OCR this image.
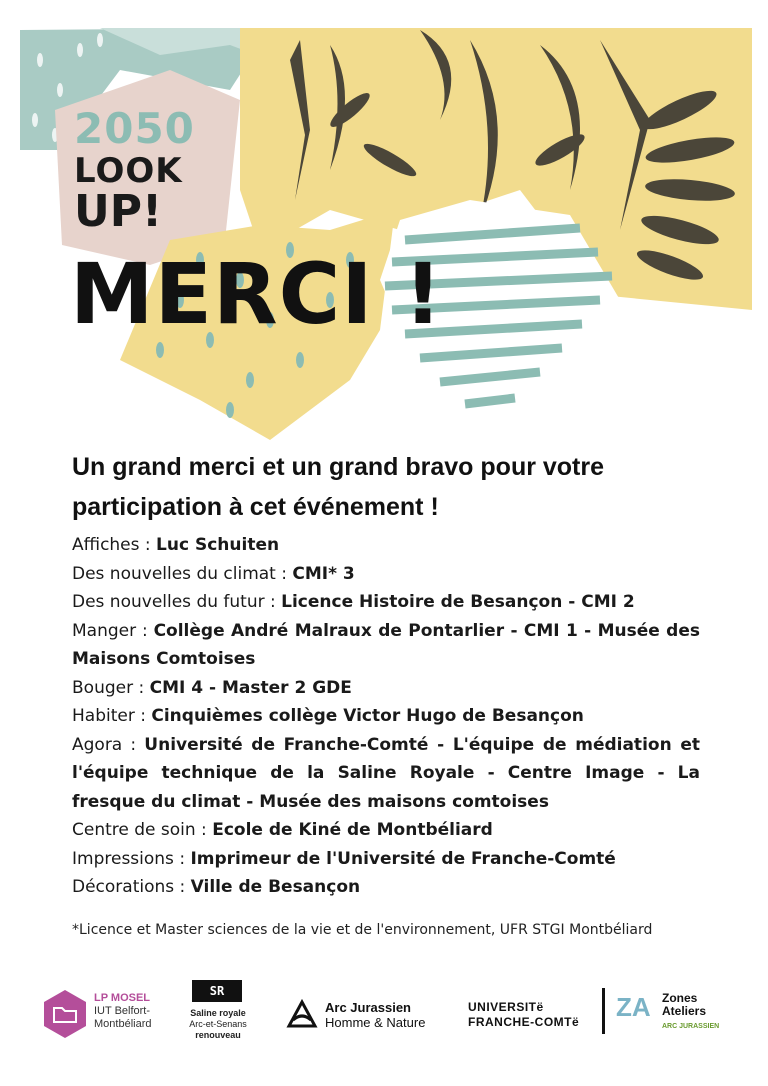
2050
LOOK
UP!
MERCI !
Un grand merci et un grand bravo pour votre participation à cet événement !
Affiches : Luc Schuiten
Des nouvelles du climat : CMI* 3
Des nouvelles du futur : Licence Histoire de Besançon - CMI 2
Manger : Collège André Malraux de Pontarlier - CMI 1 - Musée des Maisons Comtoises
Bouger : CMI 4 - Master 2 GDE
Habiter : Cinquièmes collège Victor Hugo de Besançon
Agora : Université de Franche-Comté - L'équipe de médiation et l'équipe technique de la Saline Royale - Centre Image - La fresque du climat - Musée des maisons comtoises
Centre de soin : Ecole de Kiné de Montbéliard
Impressions : Imprimeur de l'Université de Franche-Comté
Décorations : Ville de Besançon
*Licence et Master sciences de la vie et de l'environnement, UFR STGI Montbéliard
LP MOSEL
IUT Belfort-
Montbéliard
SR
Saline royale
Arc-et-Senans
renouveau
Arc Jurassien
Homme & Nature
UNIVERSITë
FRANCHE-COMTë ZA Zones
Ateliers
ARC JURASSIEN
